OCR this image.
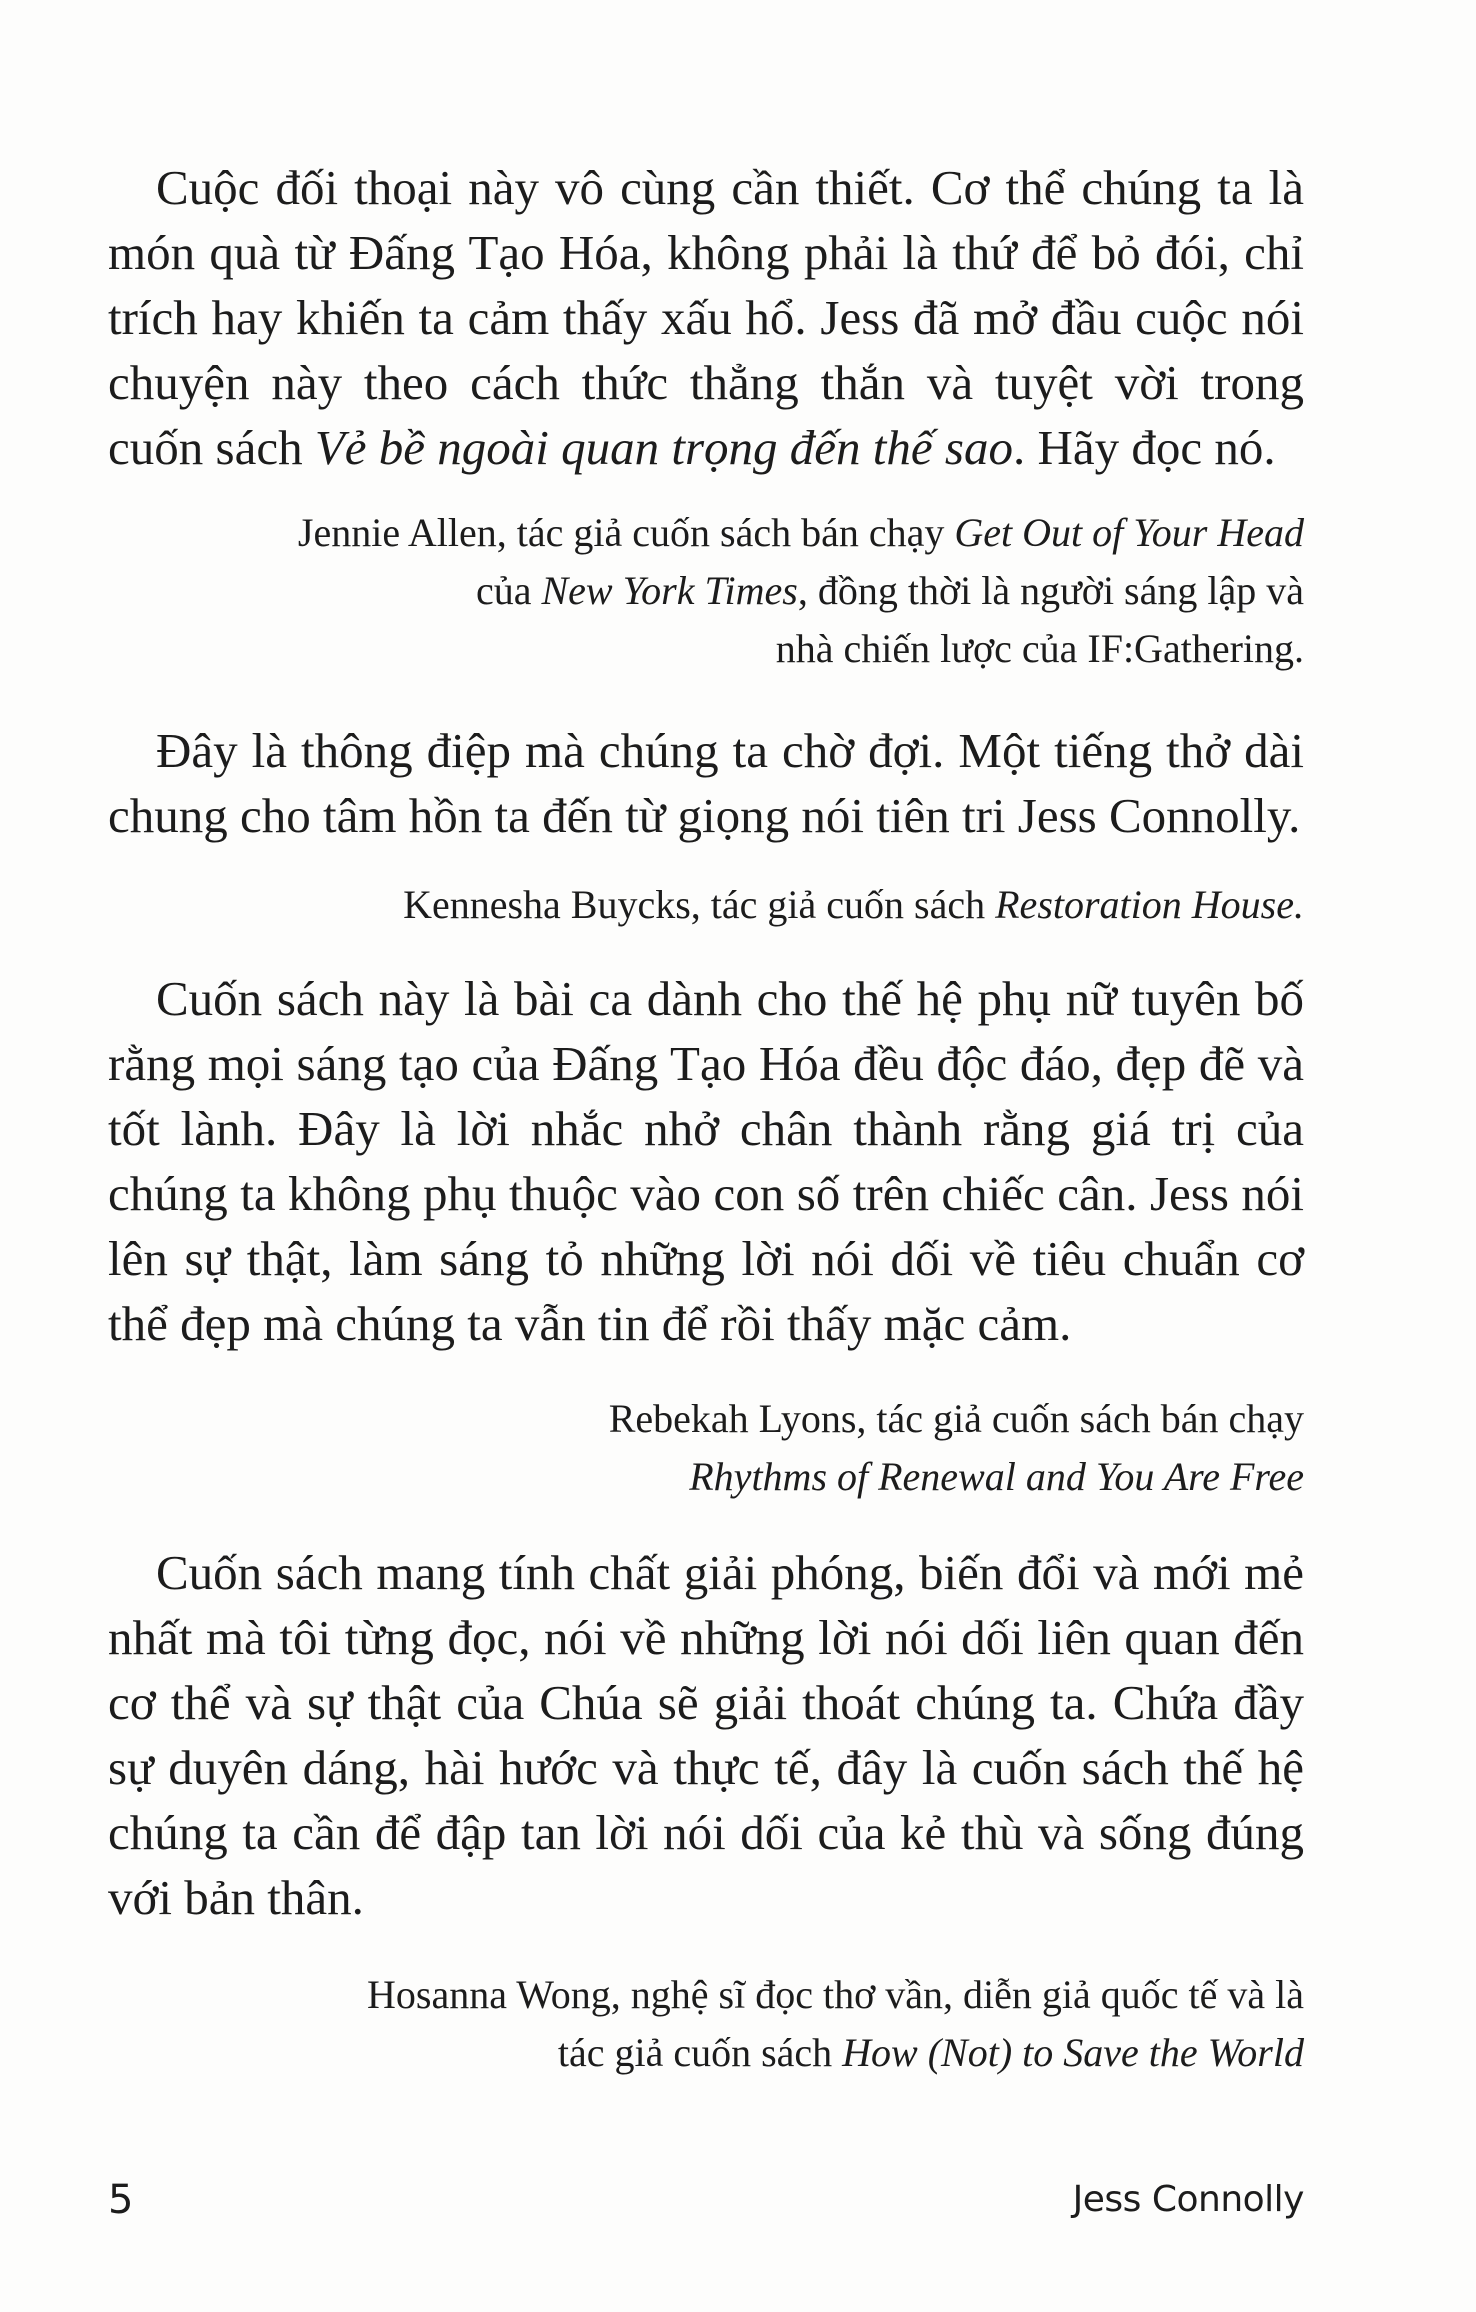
Cuộc đối thoại này vô cùng cần thiết. Cơ thể chúng ta là món quà từ Đấng Tạo Hóa, không phải là thứ để bỏ đói, chỉ trích hay khiến ta cảm thấy xấu hổ. Jess đã mở đầu cuộc nói chuyện này theo cách thức thẳng thắn và tuyệt vời trong cuốn sách Vẻ bề ngoài quan trọng đến thế sao. Hãy đọc nó.

Jennie Allen, tác giả cuốn sách bán chạy Get Out of Your Head
của New York Times, đồng thời là người sáng lập và
nhà chiến lược của IF:Gathering.

Đây là thông điệp mà chúng ta chờ đợi. Một tiếng thở dài chung cho tâm hồn ta đến từ giọng nói tiên tri Jess Connolly.

Kennesha Buycks, tác giả cuốn sách Restoration House.

Cuốn sách này là bài ca dành cho thế hệ phụ nữ tuyên bố rằng mọi sáng tạo của Đấng Tạo Hóa đều độc đáo, đẹp đẽ và tốt lành. Đây là lời nhắc nhở chân thành rằng giá trị của chúng ta không phụ thuộc vào con số trên chiếc cân. Jess nói lên sự thật, làm sáng tỏ những lời nói dối về tiêu chuẩn cơ thể đẹp mà chúng ta vẫn tin để rồi thấy mặc cảm.

Rebekah Lyons, tác giả cuốn sách bán chạy
Rhythms of Renewal and You Are Free

Cuốn sách mang tính chất giải phóng, biến đổi và mới mẻ nhất mà tôi từng đọc, nói về những lời nói dối liên quan đến cơ thể và sự thật của Chúa sẽ giải thoát chúng ta. Chứa đầy sự duyên dáng, hài hước và thực tế, đây là cuốn sách thế hệ chúng ta cần để đập tan lời nói dối của kẻ thù và sống đúng với bản thân.

Hosanna Wong, nghệ sĩ đọc thơ vần, diễn giả quốc tế và là
tác giả cuốn sách How (Not) to Save the World
5	Jess Connolly
